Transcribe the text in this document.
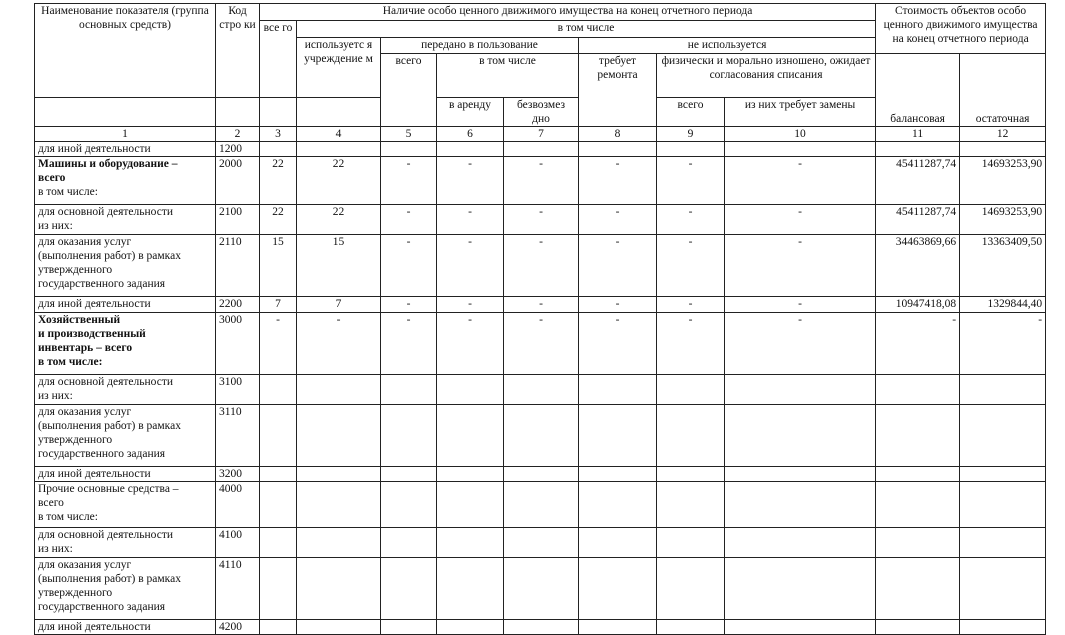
Наименование показателя (группа основных средств)	Код стро ки	Наличие особо ценного движимого имущества на конец отчетного периода								Стоимость объектов особо ценного движимого имущества на конец отчетного периода	
		все го	в том числе								
			используетс я учреждение м	передано в пользование			не используется				
				всего	в том числе		требует ремонта	физически и морально изношено, ожидает согласования списания		балансовая	остаточная
					в аренду	безвозмез дно		всего	из них требует замены		
1	2	3	4	5	6	7	8	9	10	11	12

для иной деятельности	1200										

Машины и оборудование –
всего
в том числе:	2000	22	22	-	-	-	-	-	-	45411287,74	14693253,90

для основной деятельности
из них:	2100	22	22	-	-	-	-	-	-	45411287,74	14693253,90

для оказания услуг
(выполнения работ) в рамках
утвержденного
государственного задания	2110	15	15	-	-	-	-	-	-	34463869,66	13363409,50

для иной деятельности	2200	7	7	-	-	-	-	-	-	10947418,08	1329844,40

Хозяйственный
и производственный
инвентарь – всего
в том числе:	3000	-	-	-	-	-	-	-	-	-	-

для основной деятельности
из них:	3100										

для оказания услуг
(выполнения работ) в рамках
утвержденного
государственного задания	3110										

для иной деятельности	3200										

Прочие основные средства –
всего
в том числе:	4000										

для основной деятельности
из них:	4100										

для оказания услуг
(выполнения работ) в рамках
утвержденного
государственного задания	4110										

для иной деятельности	4200										
